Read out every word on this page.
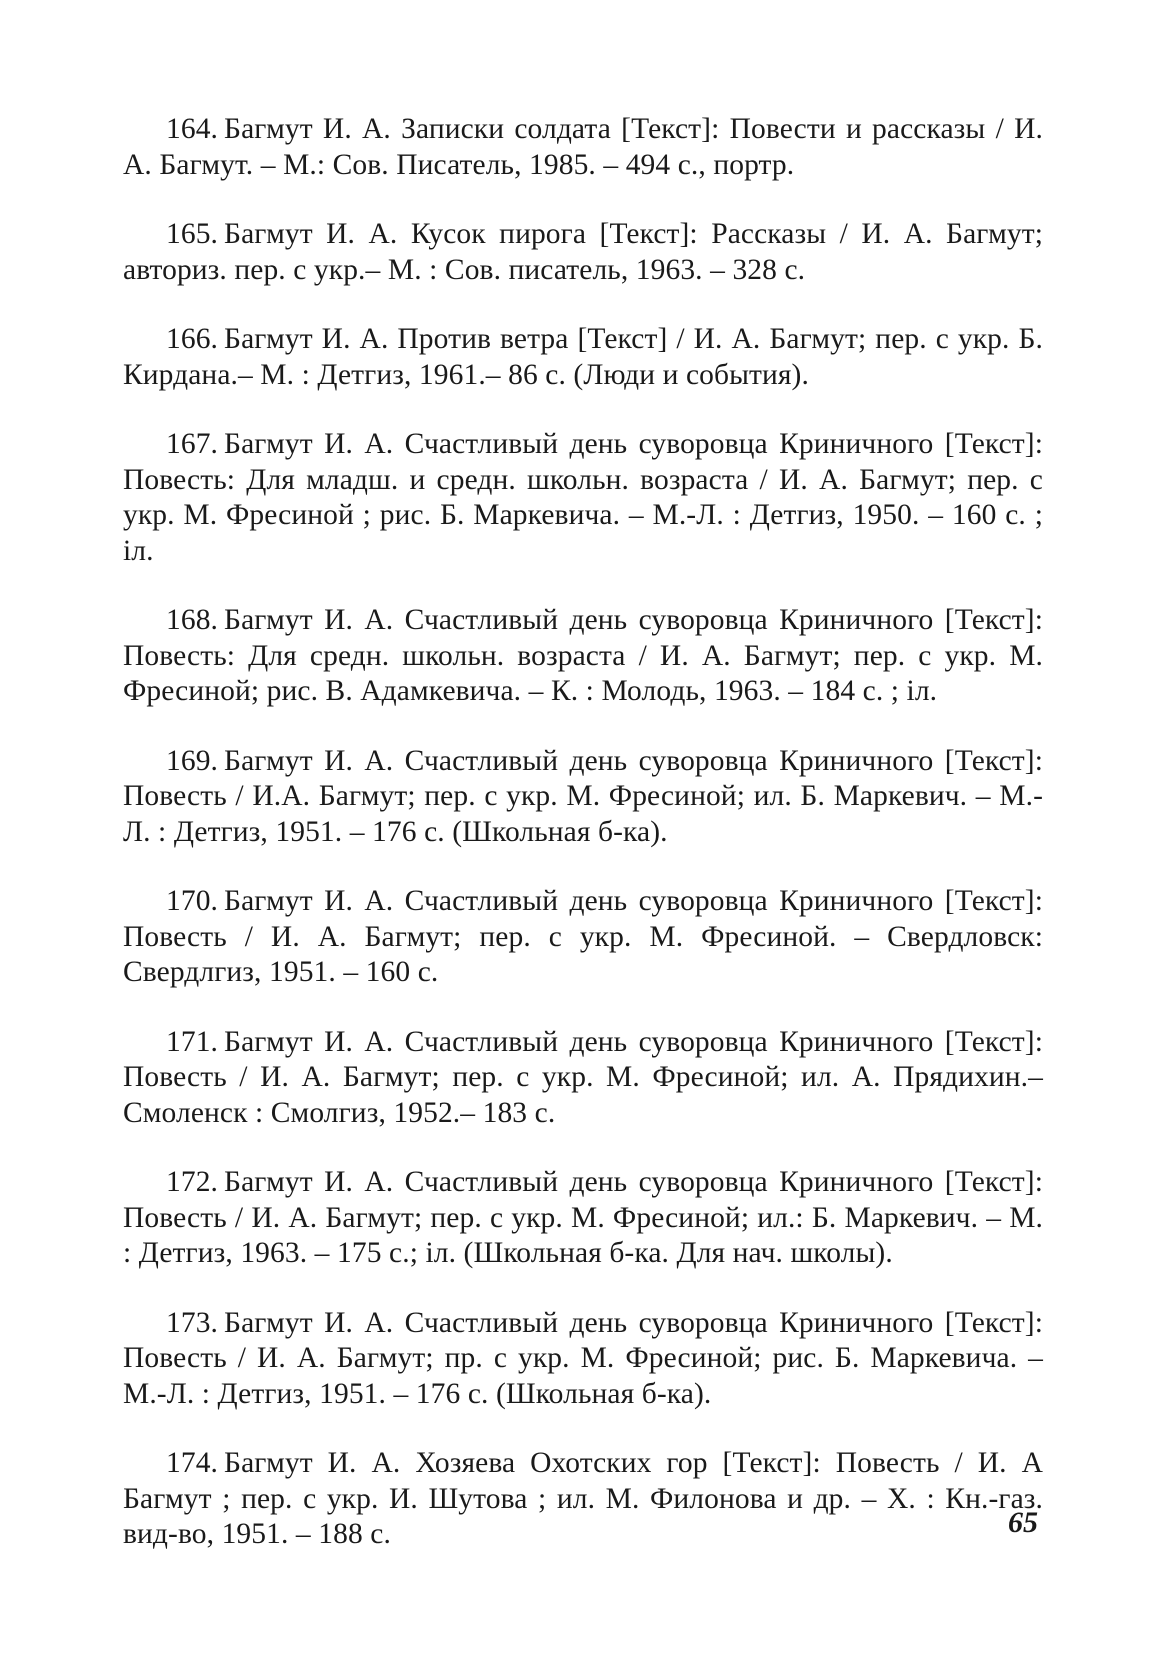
164. Багмут И. А. Записки солдата [Текст]: Повести и рассказы / И. А. Багмут. – М.: Сов. Писатель, 1985. – 494 с., портр.

165. Багмут И. А. Кусок пирога [Текст]: Рассказы / И. А. Багмут; авториз. пер. с укр.– М. : Сов. писатель, 1963. – 328 с.

166. Багмут И. А. Против ветра [Текст] / И. А. Багмут; пер. с укр. Б. Кирдана.– М. : Детгиз, 1961.– 86 с. (Люди и события).

167. Багмут И. А. Счастливый день суворовца Криничного [Текст]: Повесть: Для младш. и средн. школьн. возраста / И. А. Багмут; пер. с укр. М. Фресиной ; рис. Б. Маркевича. – М.-Л. : Детгиз, 1950. – 160 с. ; іл.

168. Багмут И. А. Счастливый день суворовца Криничного [Текст]: Повесть: Для средн. школьн. возраста / И. А. Багмут; пер. с укр. М. Фресиной; рис. В. Адамкевича. – К. : Молодь, 1963. – 184 с. ; іл.

169. Багмут И. А. Счастливый день суворовца Криничного [Текст]: Повесть / И.А. Багмут; пер. с укр. М. Фресиной; ил. Б. Маркевич. – М.-Л. : Детгиз, 1951. – 176 с. (Школьная б-ка).

170. Багмут И. А. Счастливый день суворовца Криничного [Текст]: Повесть / И. А. Багмут; пер. с укр. М. Фресиной. – Свердловск: Свердлгиз, 1951. – 160 с.

171. Багмут И. А. Счастливый день суворовца Криничного [Текст]: Повесть / И. А. Багмут; пер. с укр. М. Фресиной; ил. А. Прядихин.– Смоленск : Смолгиз, 1952.– 183 с.

172. Багмут И. А. Счастливый день суворовца Криничного [Текст]: Повесть / И. А. Багмут; пер. с укр. М. Фресиной; ил.: Б. Маркевич. – М. : Детгиз, 1963. – 175 с.; іл. (Школьная б-ка. Для нач. школы).

173. Багмут И. А. Счастливый день суворовца Криничного [Текст]: Повесть / И. А. Багмут; пр. с укр. М. Фресиной; рис. Б. Маркевича. – М.-Л. : Детгиз, 1951. – 176 с. (Школьная б-ка).

174. Багмут И. А. Хозяева Охотских гор [Текст]: Повесть / И. А Багмут ; пер. с укр. И. Шутова ; ил. М. Филонова и др. – Х. : Кн.-газ. вид-во, 1951. – 188 с.	65
